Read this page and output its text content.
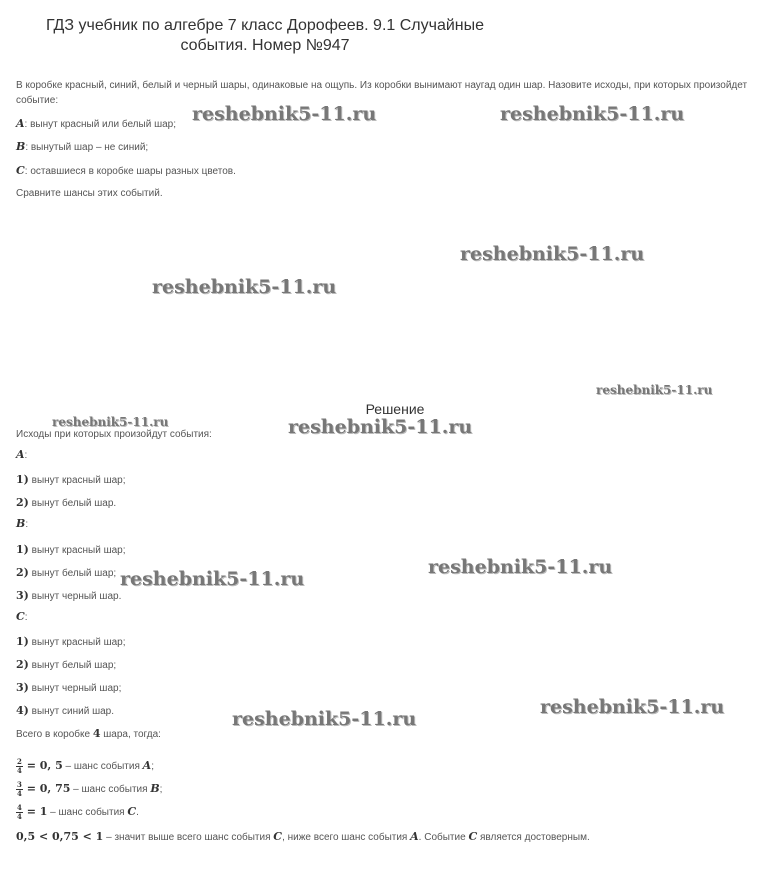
ГДЗ учебник по алгебре 7 класс Дорофеев. 9.1 Случайные события. Номер №947
В коробке красный, синий, белый и черный шары, одинаковые на ощупь. Из коробки вынимают наугад один шар. Назовите исходы, при которых произойдет событие:
A: вынут красный или белый шар;
B: вынутый шар – не синий;
C: оставшиеся в коробке шары разных цветов.
Сравните шансы этих событий.
Решение
Исходы при которых произойдут события:
A:
1) вынут красный шар;
2) вынут белый шар.
B:
1) вынут красный шар;
2) вынут белый шар;
3) вынут черный шар.
C:
1) вынут красный шар;
2) вынут белый шар;
3) вынут черный шар;
4) вынут синий шар.
Всего в коробке 4 шара, тогда:
$\frac{2}{4} = 0$, 5 – шанс события A;
$\frac{3}{4} = 0$, 75 – шанс события B;
$\frac{4}{4} = 1$ – шанс события C.
0,5 < 0,75 < 1 – значит выше всего шанс события C, ниже всего шанс события A. Событие C является достоверным.
reshebnik5-11.ru	reshebnik5-11.ru
reshebnik5-11.ru
reshebnik5-11.ru
reshebnik5-11.ru
reshebnik5-11.ru	reshebnik5-11.ru
reshebnik5-11.ru
reshebnik5-11.ru
reshebnik5-11.ru
reshebnik5-11.ru
